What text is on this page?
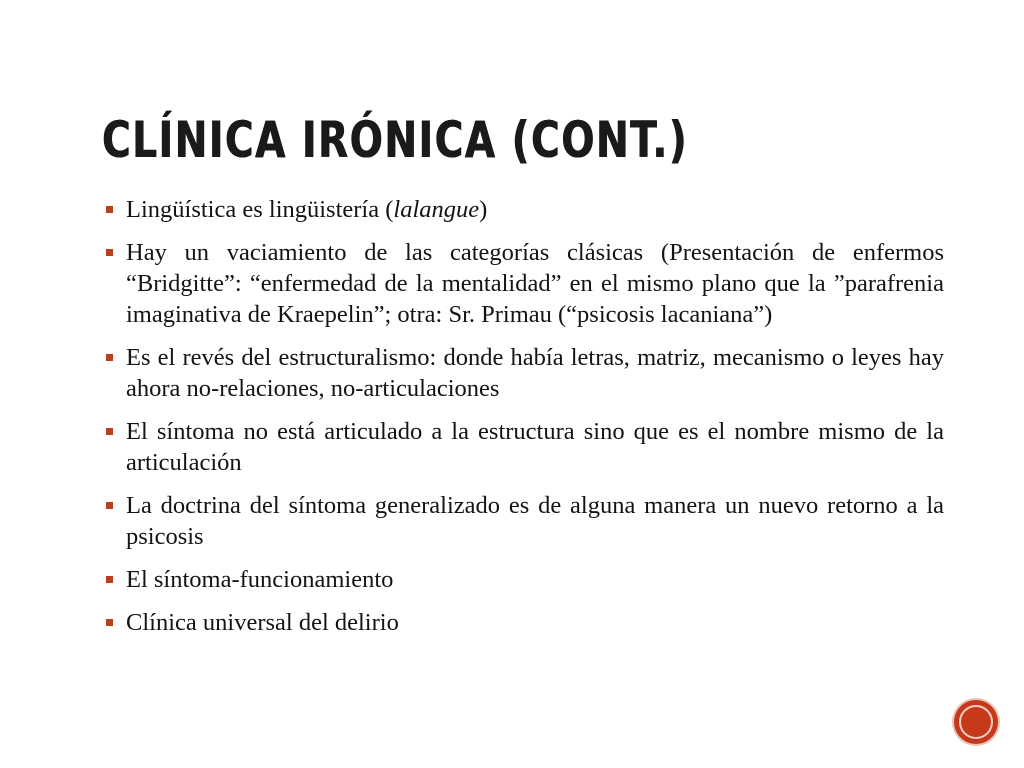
CLÍNICA IRÓNICA (CONT.)
Lingüística es lingüistería (lalangue)
Hay un vaciamiento de las categorías clásicas (Presentación de enfermos “Bridgitte”: “enfermedad de la mentalidad” en el mismo plano que la ”parafrenia imaginativa de Kraepelin”; otra: Sr. Primau (“psicosis lacaniana”)
Es el revés del estructuralismo: donde había letras, matriz, mecanismo o leyes hay ahora no-relaciones, no-articulaciones
El síntoma no está articulado a la estructura sino que es el nombre mismo de la articulación
La doctrina del síntoma generalizado es de alguna manera un nuevo retorno a la psicosis
El síntoma-funcionamiento
Clínica universal del delirio
